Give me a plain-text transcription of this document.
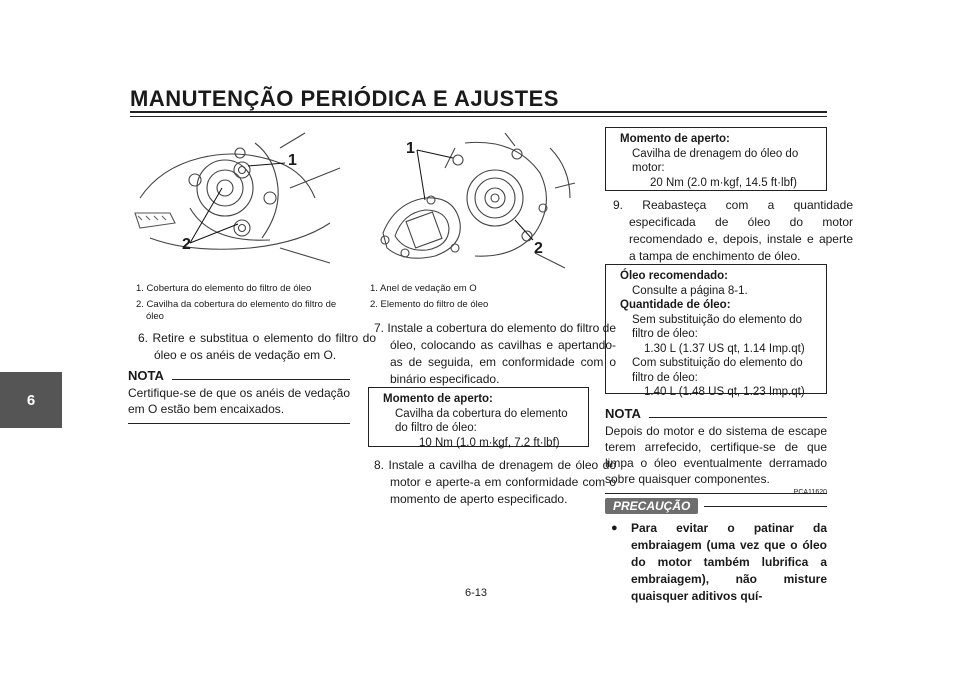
MANUTENÇÃO PERIÓDICA E AJUSTES
6
1
2
1
2
1. Cobertura do elemento do filtro de óleo
2. Cavilha da cobertura do elemento do filtro de óleo
6. Retire e substitua o elemento do filtro do óleo e os anéis de vedação em O.
NOTA
Certifique-se de que os anéis de vedação em O estão bem encaixados.
1. Anel de vedação em O
2. Elemento do filtro de óleo
7. Instale a cobertura do elemento do filtro de óleo, colocando as cavilhas e apertando-as de seguida, em conformidade com o binário especificado.
Momento de aperto:
Cavilha da cobertura do elemento do filtro de óleo:
10 Nm (1.0 m·kgf, 7.2 ft·lbf)
8. Instale a cavilha de drenagem de óleo do motor e aperte-a em conformidade com o momento de aperto especificado.
Momento de aperto:
Cavilha de drenagem do óleo do motor:
20 Nm (2.0 m·kgf, 14.5 ft·lbf)
9. Reabasteça com a quantidade especificada de óleo do motor recomendado e, depois, instale e aperte a tampa de enchimento de óleo.
Óleo recomendado:
Consulte a página 8-1.
Quantidade de óleo:
Sem substituição do elemento do filtro de óleo:
1.30 L (1.37 US qt, 1.14 Imp.qt)
Com substituição do elemento do filtro de óleo:
1.40 L (1.48 US qt, 1.23 Imp.qt)
NOTA
Depois do motor e do sistema de escape terem arrefecido, certifique-se de que limpa o óleo eventualmente derramado sobre quaisquer componentes.
PCA11620
PRECAUÇÃO
●	Para evitar o patinar da embraiagem (uma vez que o óleo do motor também lubrifica a embraiagem), não misture quaisquer aditivos quí-
6-13
